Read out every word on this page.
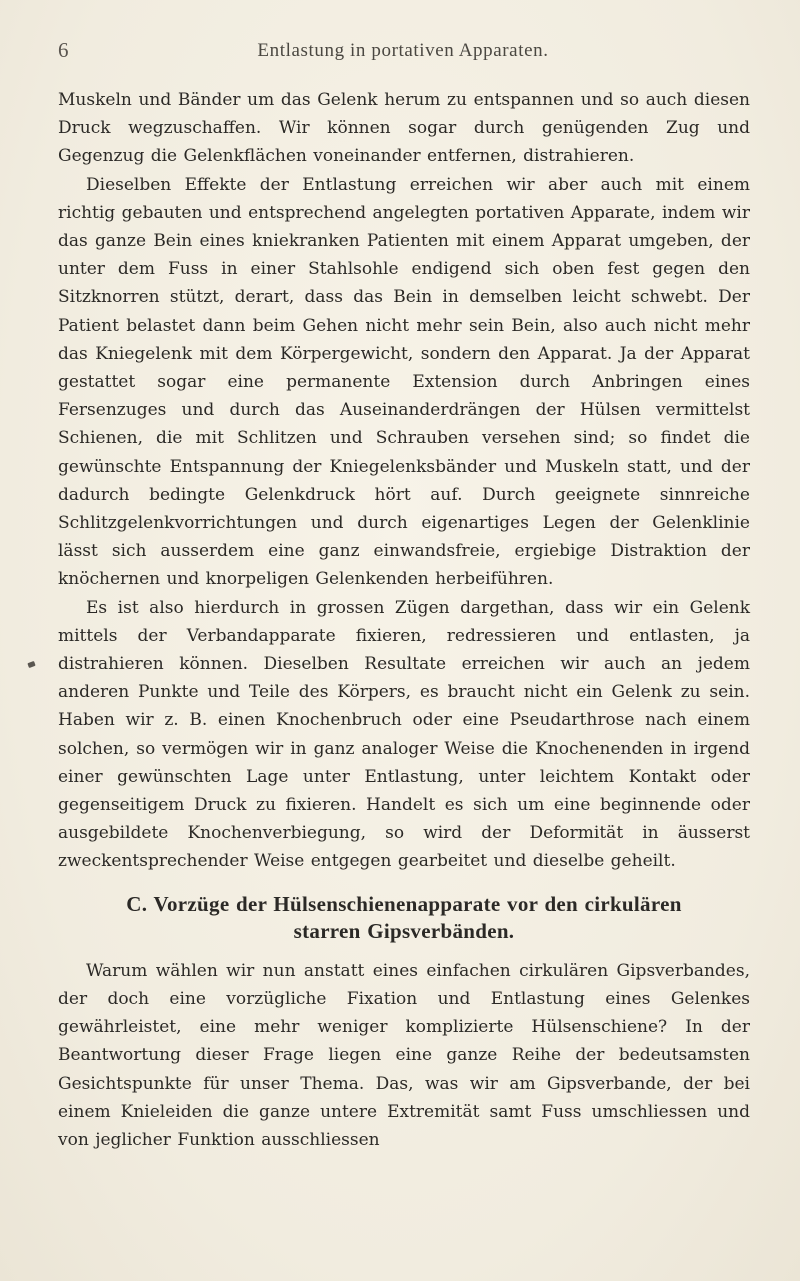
6	Entlastung in portativen Apparaten.

Muskeln und Bänder um das Gelenk herum zu entspannen und so auch diesen Druck wegzuschaffen. Wir können sogar durch genügenden Zug und Gegenzug die Gelenkflächen voneinander entfernen, distrahieren.

Dieselben Effekte der Entlastung erreichen wir aber auch mit einem richtig gebauten und entsprechend angelegten portativen Apparate, indem wir das ganze Bein eines kniekranken Patienten mit einem Apparat umgeben, der unter dem Fuss in einer Stahlsohle endigend sich oben fest gegen den Sitzknorren stützt, derart, dass das Bein in demselben leicht schwebt. Der Patient belastet dann beim Gehen nicht mehr sein Bein, also auch nicht mehr das Kniegelenk mit dem Körpergewicht, sondern den Apparat. Ja der Apparat gestattet sogar eine permanente Extension durch Anbringen eines Fersenzuges und durch das Auseinanderdrängen der Hülsen vermittelst Schienen, die mit Schlitzen und Schrauben versehen sind; so findet die gewünschte Entspannung der Kniegelenksbänder und Muskeln statt, und der dadurch bedingte Gelenkdruck hört auf. Durch geeignete sinnreiche Schlitzgelenkvorrichtungen und durch eigenartiges Legen der Gelenklinie lässt sich ausserdem eine ganz einwandsfreie, ergiebige Distraktion der knöchernen und knorpeligen Gelenkenden herbeiführen.

Es ist also hierdurch in grossen Zügen dargethan, dass wir ein Gelenk mittels der Verbandapparate fixieren, redressieren und entlasten, ja distrahieren können. Dieselben Resultate erreichen wir auch an jedem anderen Punkte und Teile des Körpers, es braucht nicht ein Gelenk zu sein. Haben wir z. B. einen Knochenbruch oder eine Pseudarthrose nach einem solchen, so vermögen wir in ganz analoger Weise die Knochenenden in irgend einer gewünschten Lage unter Entlastung, unter leichtem Kontakt oder gegenseitigem Druck zu fixieren. Handelt es sich um eine beginnende oder ausgebildete Knochenverbiegung, so wird der Deformität in äusserst zweckentsprechender Weise entgegen gearbeitet und dieselbe geheilt.

C. Vorzüge der Hülsenschienenapparate vor den cirkulären
starren Gipsverbänden.

Warum wählen wir nun anstatt eines einfachen cirkulären Gipsverbandes, der doch eine vorzügliche Fixation und Entlastung eines Gelenkes gewährleistet, eine mehr weniger komplizierte Hülsenschiene? In der Beantwortung dieser Frage liegen eine ganze Reihe der bedeutsamsten Gesichtspunkte für unser Thema. Das, was wir am Gipsverbande, der bei einem Knieleiden die ganze untere Extremität samt Fuss umschliessen und von jeglicher Funktion ausschliessen
